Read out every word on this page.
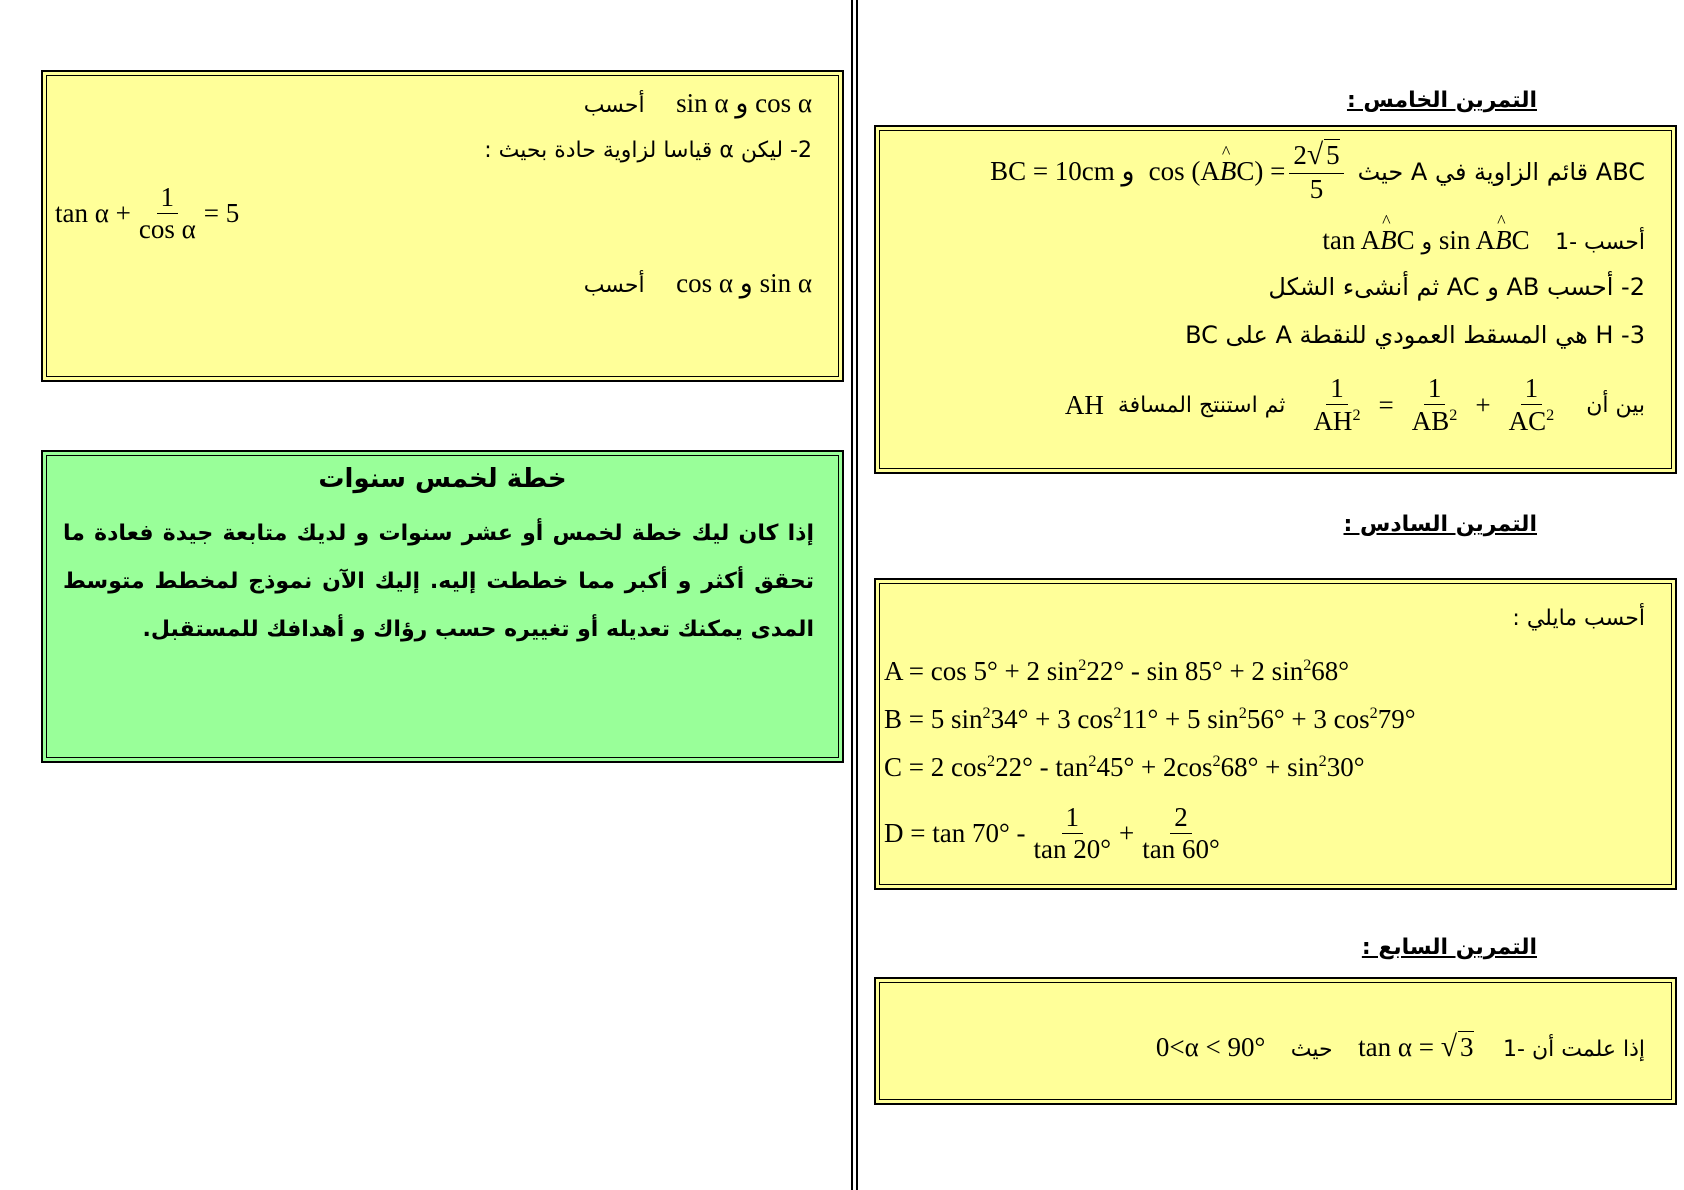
أحسب sin α و cos α
2- ليكن α قياسا لزاوية حادة بحيث :
$\tan \alpha + \frac{1}{\text{cos α}} = 5$
أحسب cos α و sin α
خطة لخمس سنوات
إذا كان ليك خطة لخمس أو عشر سنوات و لديك متابعة جيدة فعادة ما تحقق أكثر و أكبر مما خططت إليه. إليك الآن نموذج لمخطط متوسط المدى يمكنك تعديله أو تغييره حسب رؤاك و أهدافك للمستقبل.
التمرين الخامس :
BC = 10cm و cos (A
^ B $C) = \frac{2√ 5}{5}$ ABC قائم الزاوية في A حيث
tan A^ BC و sin A^ BC 1- أحسب
2- أحسب AB و AC ثم أنشىء الشكل
3- H هي المسقط العمودي للنقطة A على BC
AH ثم استنتج المسافة $\frac{1}{AH^2} = \frac{1}{AB^2} + \frac{1}{AC^2}$ بين أن
التمرين السادس :
أحسب مايلي :
A = cos 5° + 2 $\sin^222^\circ - \sin 85^\circ + 2$ $\sin^268^\circ$
B = 5 $\sin^234^\circ + 3$ $\cos^211^\circ + 5$ $\sin^256^\circ + 3$ $\cos^279^\circ$
C = 2 $\cos^222^\circ - \tan^245^\circ + 2\cos^268^\circ + \sin^230^\circ$
$D = \tan 70^\circ - \frac{1}{\tan 20^\circ} + \frac{2}{\tan 60^\circ}$
التمرين السابع :
0<α < 90° حيث tan α = √ 3 1- إذا علمت أن
